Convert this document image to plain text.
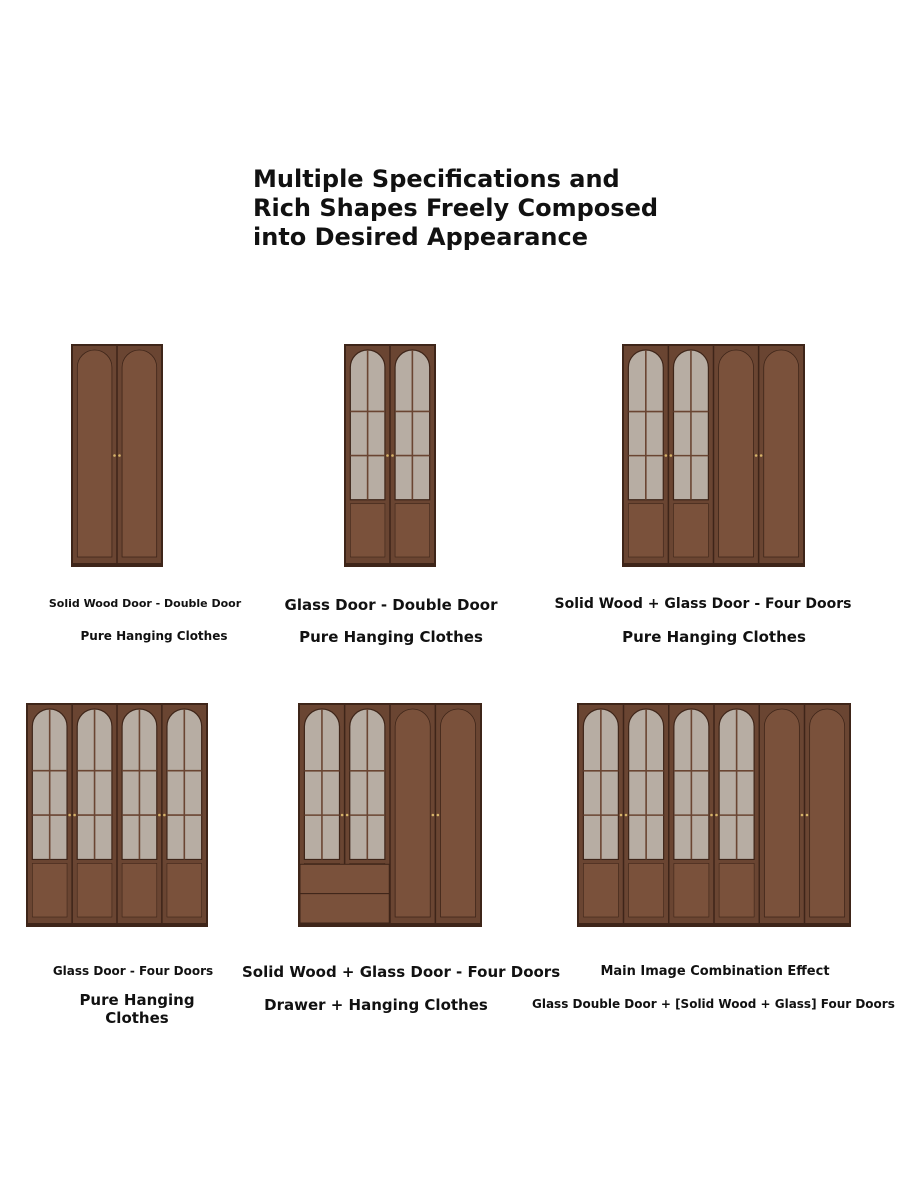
Multiple Specifications and
Rich Shapes Freely Composed
into Desired Appearance
Solid Wood Door - Double Door
Pure Hanging Clothes
Glass Door - Double Door
Pure Hanging Clothes
Solid Wood + Glass Door - Four Doors
Pure Hanging Clothes
Glass Door - Four Doors
Pure Hanging
Clothes
Solid Wood + Glass Door - Four Doors
Drawer + Hanging Clothes
Main Image Combination Effect
Glass Double Door + [Solid Wood + Glass] Four Doors
